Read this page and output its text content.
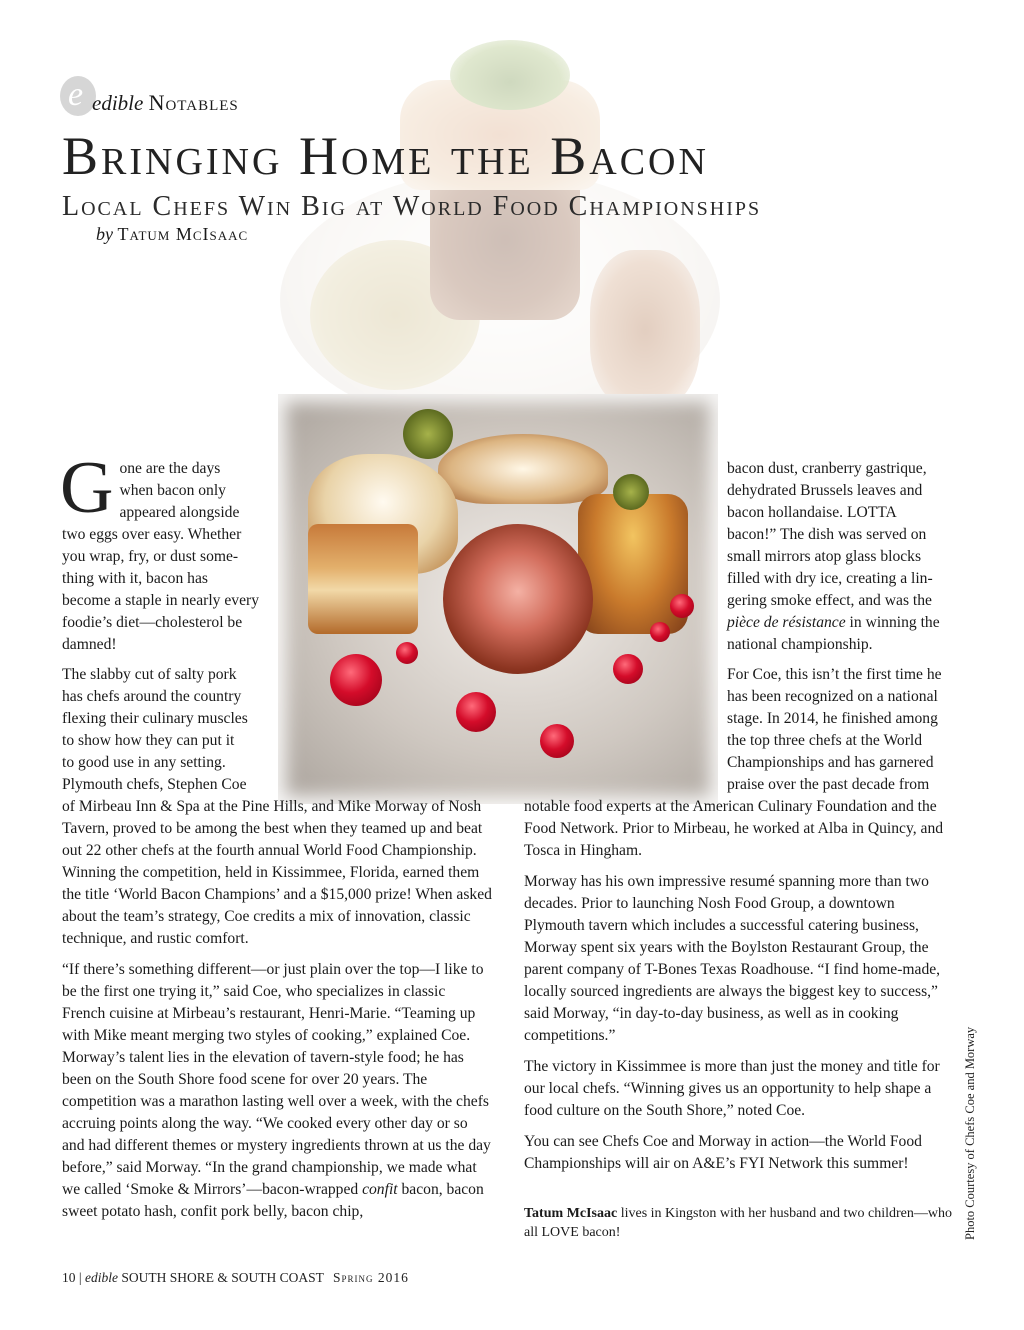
e edible Notables
Bringing Home the Bacon
Local Chefs Win Big at World Food Championships
by Tatum McIsaac
G one are the days
when bacon only
appeared alongside
two eggs over easy. Whether
you wrap, fry, or dust some-
thing with it, bacon has
become a staple in nearly every
foodie’s diet—cholesterol be
damned!
The slabby cut of salty pork
has chefs around the country
flexing their culinary muscles
to show how they can put it
to good use in any setting.
Plymouth chefs, Stephen Coe

of Mirbeau Inn & Spa at the Pine Hills, and Mike Morway of Nosh Tavern, proved to be among the best when they teamed up and beat out 22 other chefs at the fourth annual World Food Championship. Winning the competition, held in Kissimmee, Florida, earned them the title ‘World Bacon Champions’ and a $15,000 prize! When asked about the team’s strategy, Coe credits a mix of innovation, classic technique, and rustic comfort.

“If there’s something different—or just plain over the top—I like to be the first one trying it,” said Coe, who specializes in classic French cuisine at Mirbeau’s restaurant, Henri-Marie. “Teaming up with Mike meant merging two styles of cooking,” explained Coe. Morway’s talent lies in the elevation of tavern-style food; he has been on the South Shore food scene for over 20 years. The competition was a marathon lasting well over a week, with the chefs accruing points along the way. “We cooked every other day or so and had different themes or mystery ingredients thrown at us the day before,” said Morway. “In the grand championship, we made what we called ‘Smoke & Mirrors’—bacon-wrapped confit bacon, bacon sweet potato hash, confit pork belly, bacon chip,

bacon dust, cranberry gastrique,
dehydrated Brussels leaves and
bacon hollandaise. LOTTA
bacon!” The dish was served on
small mirrors atop glass blocks
filled with dry ice, creating a lin-
gering smoke effect, and was the
pièce de résistance in winning the
national championship.
For Coe, this isn’t the first time he
has been recognized on a national
stage. In 2014, he finished among
the top three chefs at the World
Championships and has garnered
praise over the past decade from

notable food experts at the American Culinary Foundation and the Food Network. Prior to Mirbeau, he worked at Alba in Quincy, and Tosca in Hingham.

Morway has his own impressive resumé spanning more than two decades. Prior to launching Nosh Food Group, a downtown Plymouth tavern which includes a successful catering business, Morway spent six years with the Boylston Restaurant Group, the parent company of T-Bones Texas Roadhouse. “I find home-made, locally sourced ingredients are always the biggest key to success,” said Morway, “in day-to-day business, as well as in cooking competitions.”

The victory in Kissimmee is more than just the money and title for our local chefs. “Winning gives us an opportunity to help shape a food culture on the South Shore,” noted Coe.

You can see Chefs Coe and Morway in action—the World Food Championships will air on A&E’s FYI Network this summer!

Tatum McIsaac lives in Kingston with her husband and two children—who all LOVE bacon!	Photo Courtesy of Chefs Coe and Morway
10 | edible SOUTH SHORE & SOUTH COAST Spring 2016
